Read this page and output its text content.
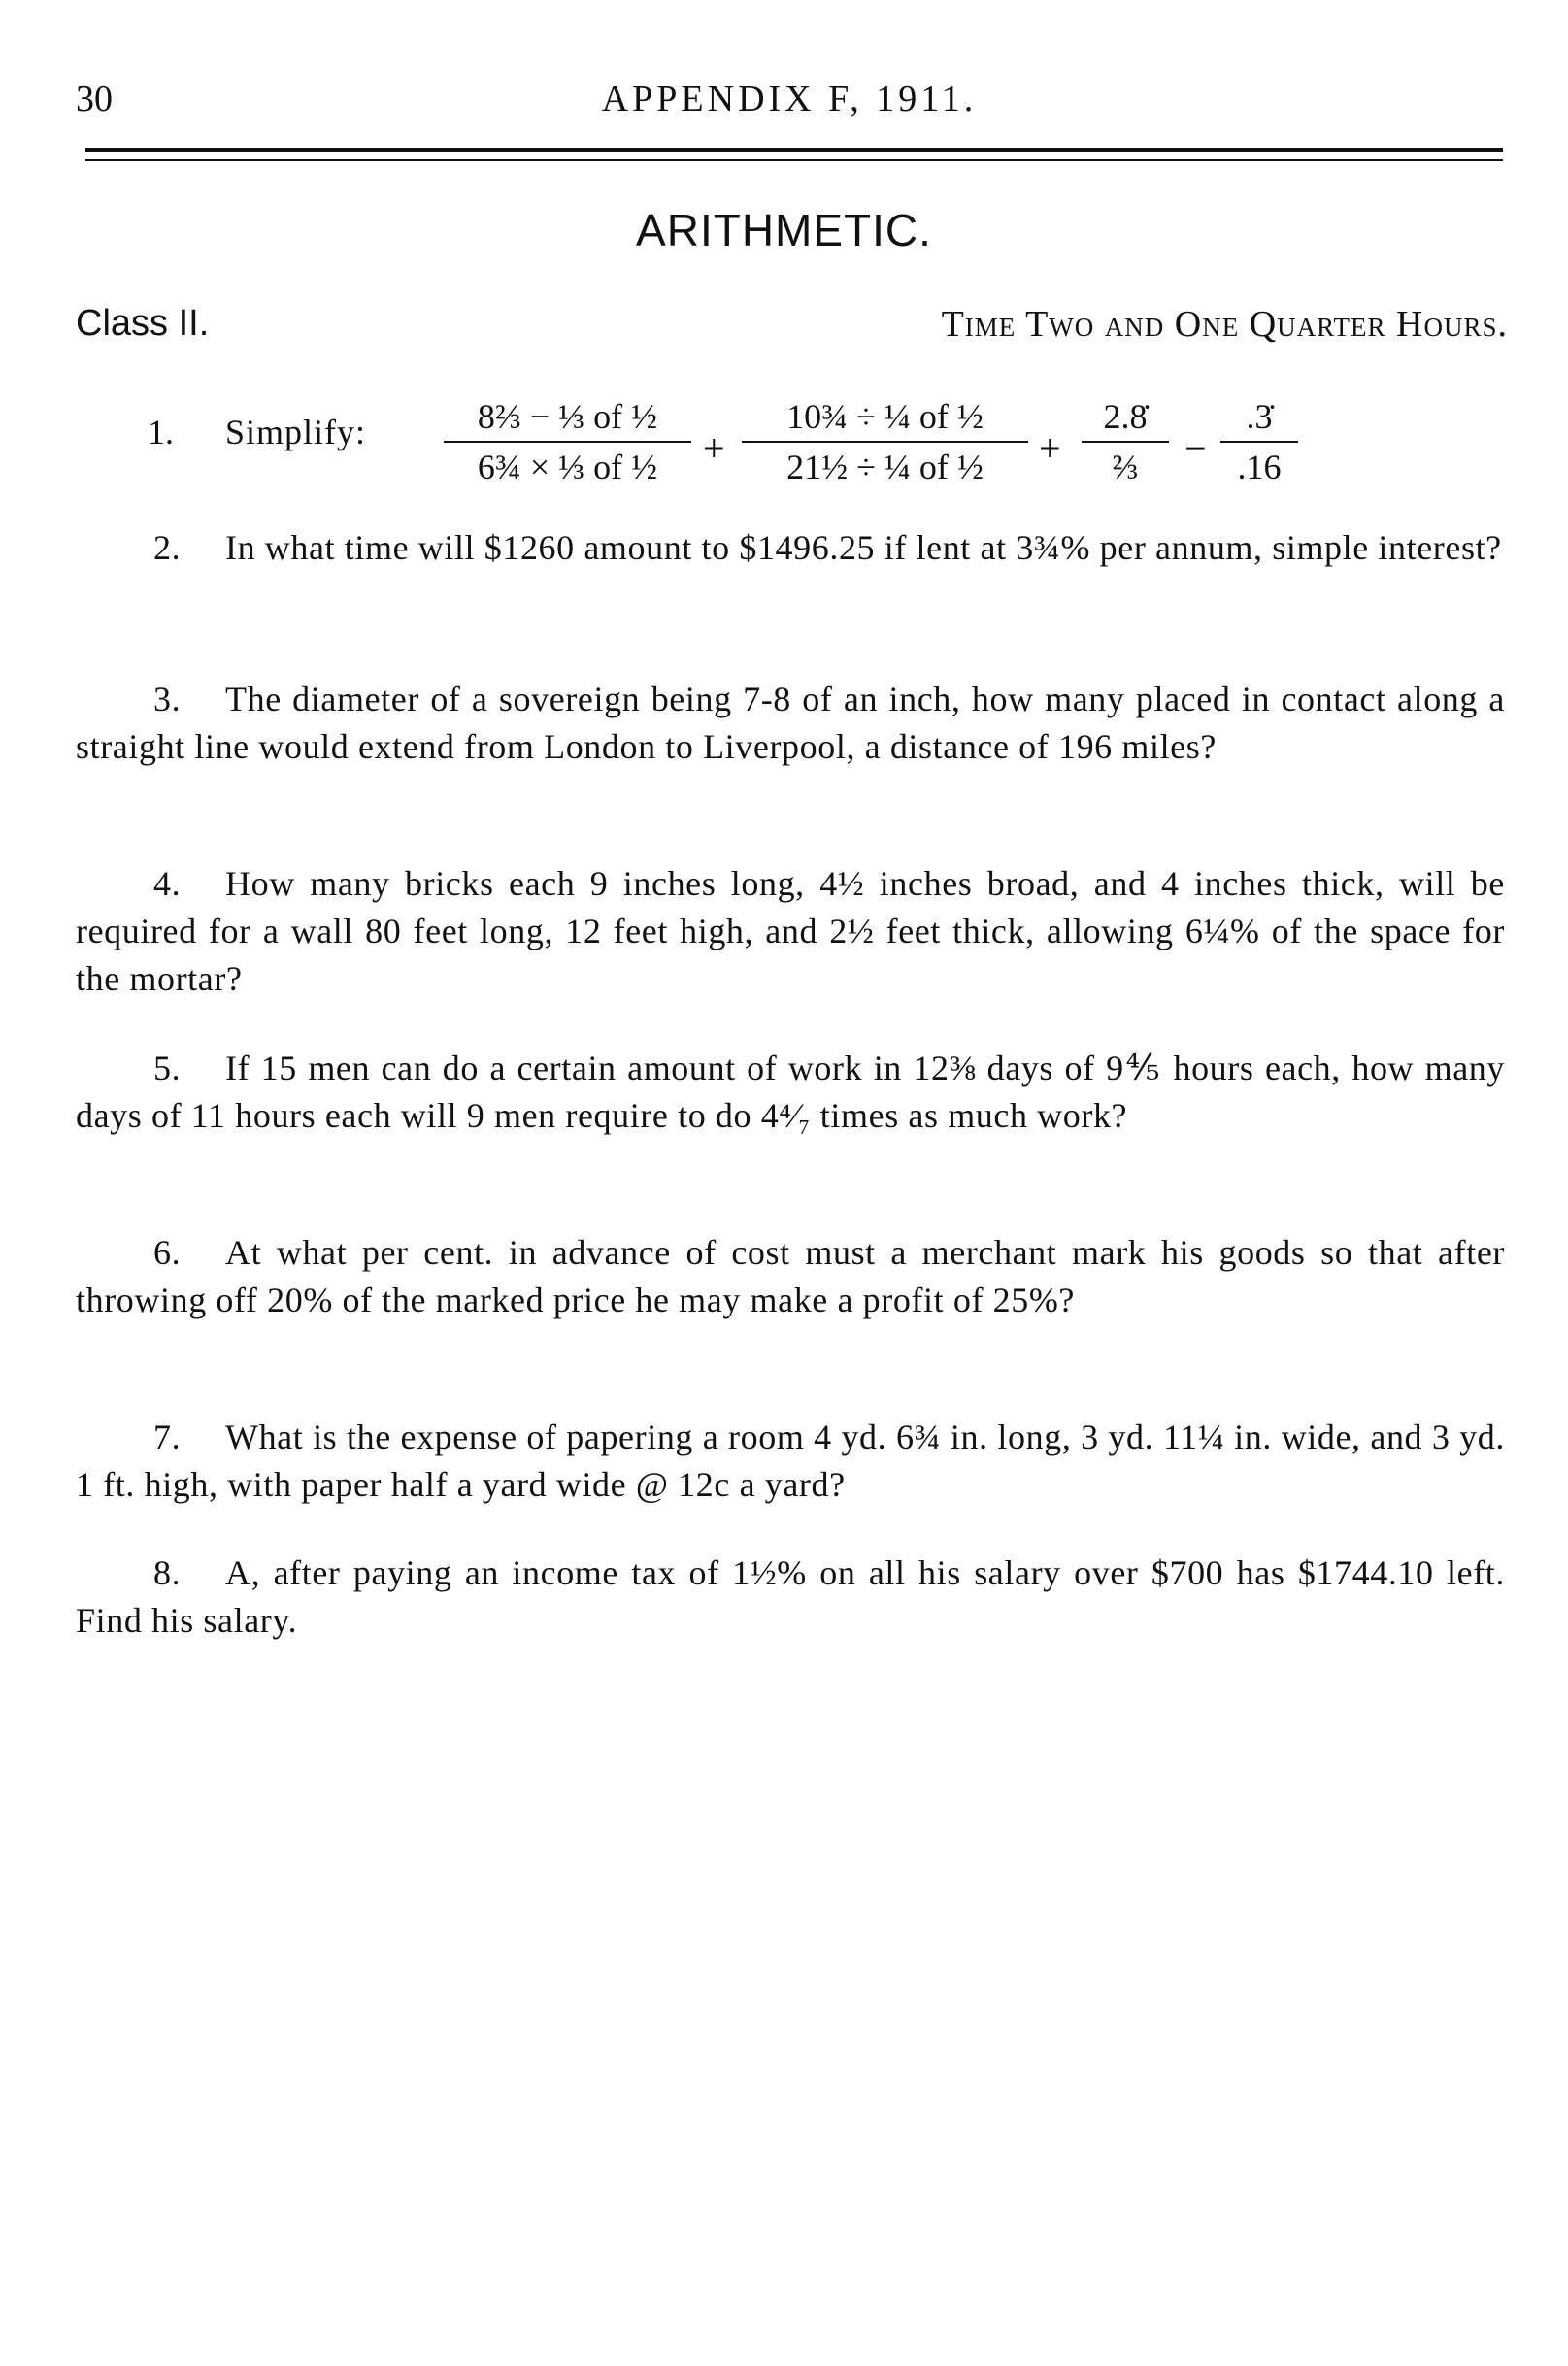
30	APPENDIX F, 1911.
ARITHMETIC.
Class II.	Time Two and One Quarter Hours.
1. Simplify: $\frac{\text{8⅔ − ⅓ of ½}}{\text{6¾ × ⅓ of ½}} + \frac{\text{10¾ ÷ ¼ of ½}}{\text{21½ ÷ ¼ of ½}}$ +
2.8̇
⅔	− $\frac{.3̇}{.16}$

2. In what time will $1260 amount to $1496.25 if lent at 3¾% per annum, simple interest?

3. The diameter of a sovereign being 7-8 of an inch, how many placed in contact along a straight line would extend from London to Liverpool, a distance of 196 miles?

4. How many bricks each 9 inches long, 4½ inches broad, and 4 inches thick, will be required for a wall 80 feet long, 12 feet high, and 2½ feet thick, allowing 6¼% of the space for the mortar?

5. If 15 men can do a certain amount of work in 12⅜ days of 9⅘ hours each, how many days of 11 hours each will 9 men require to do 4⁴⁄₇ times as much work?

6. At what per cent. in advance of cost must a merchant mark his goods so that after throwing off 20% of the marked price he may make a profit of 25%?

7. What is the expense of papering a room 4 yd. 6¾ in. long, 3 yd. 11¼ in. wide, and 3 yd. 1 ft. high, with paper half a yard wide @ 12c a yard?

8. A, after paying an income tax of 1½% on all his salary over $700 has $1744.10 left. Find his salary.
